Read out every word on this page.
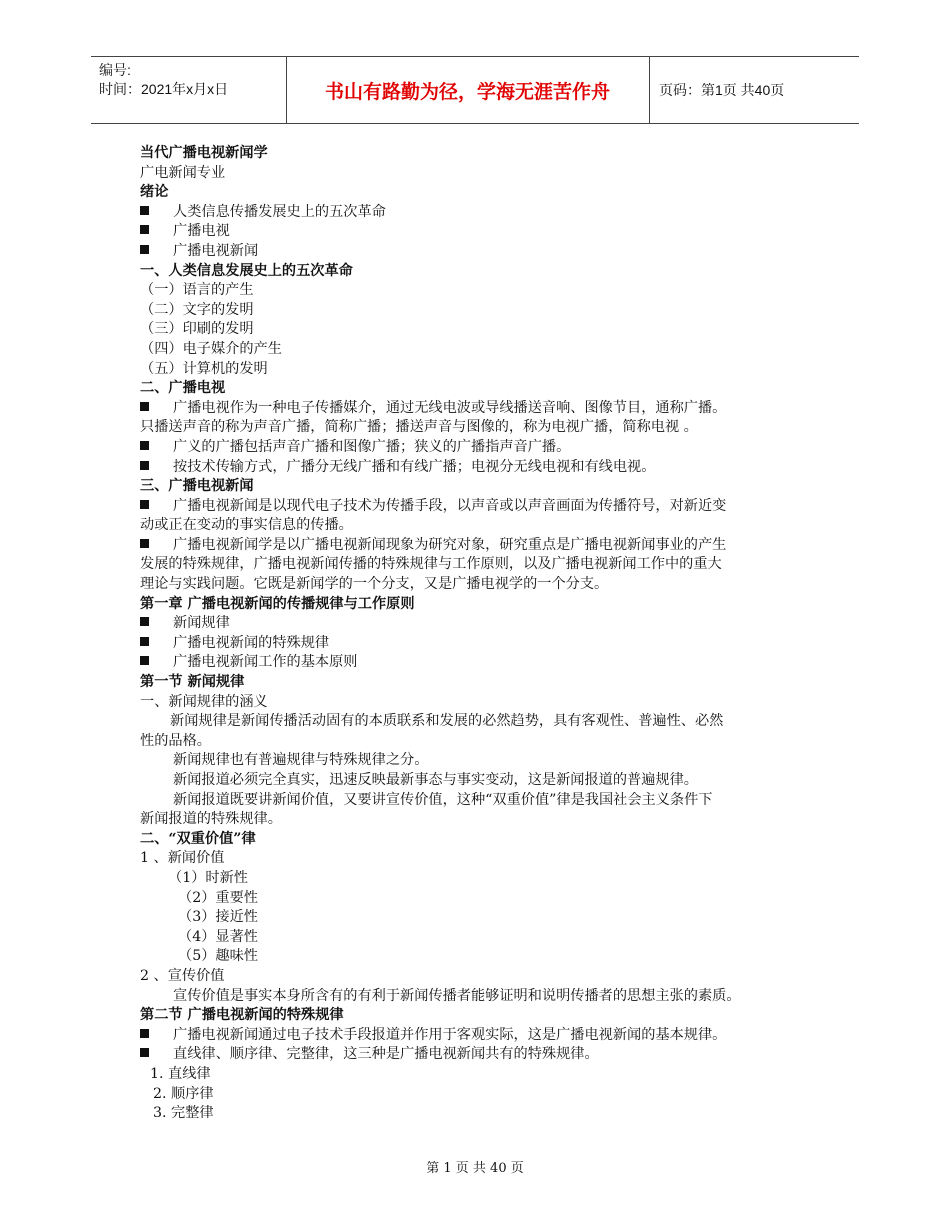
编号:
时间：2021年x月x日	书山有路勤为径，学海无涯苦作舟	页码：第1页 共40页
当代广播电视新闻学
广电新闻专业
绪论
人类信息传播发展史上的五次革命
广播电视
广播电视新闻
一、人类信息发展史上的五次革命
（一）语言的产生
（二）文字的发明
（三）印刷的发明
（四）电子媒介的产生
（五）计算机的发明
二、广播电视
广播电视作为一种电子传播媒介，通过无线电波或导线播送音响、图像节目，通称广播。
只播送声音的称为声音广播，简称广播；播送声音与图像的，称为电视广播，简称电视 。
广义的广播包括声音广播和图像广播；狭义的广播指声音广播。
按技术传输方式，广播分无线广播和有线广播；电视分无线电视和有线电视。
三、广播电视新闻
广播电视新闻是以现代电子技术为传播手段，以声音或以声音画面为传播符号，对新近变
动或正在变动的事实信息的传播。
广播电视新闻学是以广播电视新闻现象为研究对象，研究重点是广播电视新闻事业的产生
发展的特殊规律，广播电视新闻传播的特殊规律与工作原则，以及广播电视新闻工作中的重大
理论与实践问题。它既是新闻学的一个分支，又是广播电视学的一个分支。
第一章 广播电视新闻的传播规律与工作原则
新闻规律
广播电视新闻的特殊规律
广播电视新闻工作的基本原则
第一节 新闻规律
一、新闻规律的涵义
新闻规律是新闻传播活动固有的本质联系和发展的必然趋势，具有客观性、普遍性、必然
性的品格。
新闻规律也有普遍规律与特殊规律之分。
新闻报道必须完全真实，迅速反映最新事态与事实变动，这是新闻报道的普遍规律。
新闻报道既要讲新闻价值，又要讲宣传价值，这种“双重价值”律是我国社会主义条件下
新闻报道的特殊规律。
二、“双重价值”律
1 、新闻价值
（1）时新性
（2）重要性
（3）接近性
（4）显著性
（5）趣味性
2 、宣传价值
宣传价值是事实本身所含有的有利于新闻传播者能够证明和说明传播者的思想主张的素质。
第二节 广播电视新闻的特殊规律
广播电视新闻通过电子技术手段报道并作用于客观实际，这是广播电视新闻的基本规律。
直线律、顺序律、完整律，这三种是广播电视新闻共有的特殊规律。
1. 直线律
2. 顺序律
3. 完整律
第 1 页 共 40 页
